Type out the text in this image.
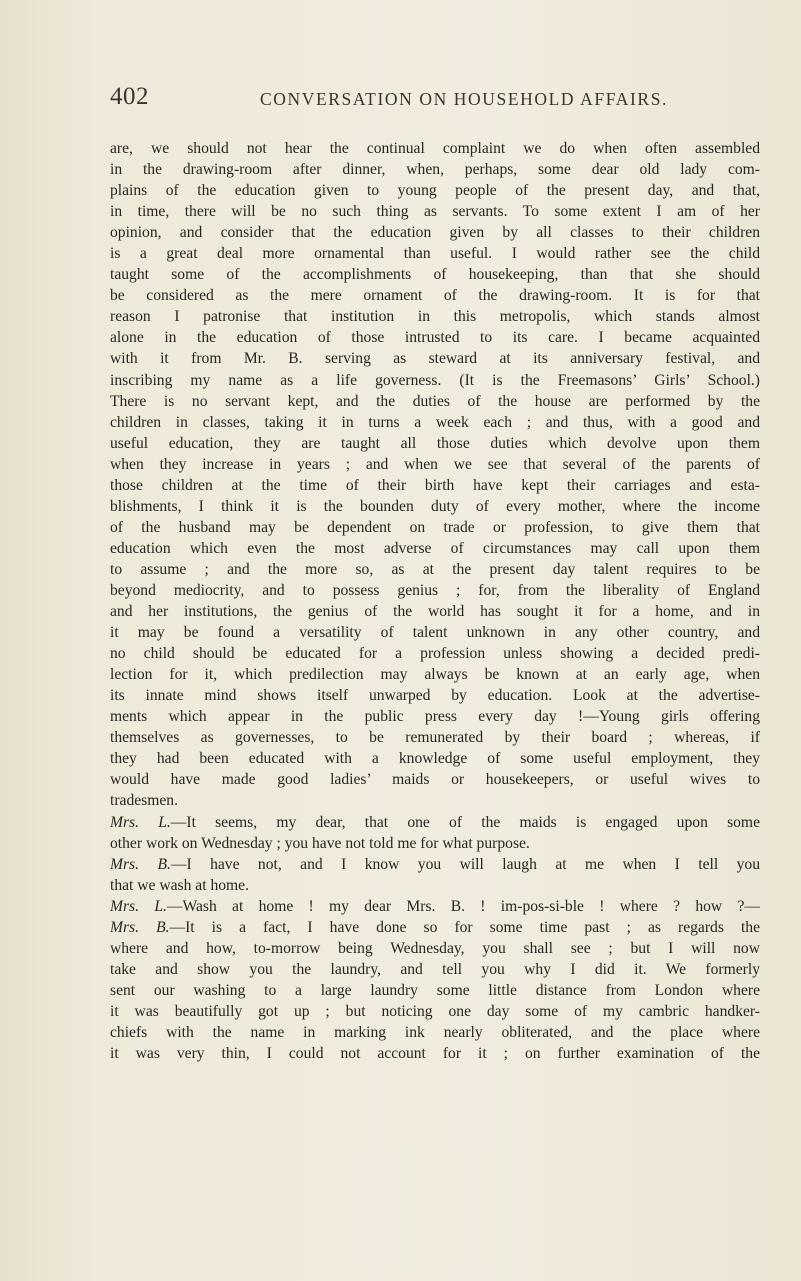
402	CONVERSATION ON HOUSEHOLD AFFAIRS.
are, we should not hear the continual complaint we do when often assembled
in the drawing-room after dinner, when, perhaps, some dear old lady com-
plains of the education given to young people of the present day, and that,
in time, there will be no such thing as servants. To some extent I am of her
opinion, and consider that the education given by all classes to their children
is a great deal more ornamental than useful. I would rather see the child
taught some of the accomplishments of housekeeping, than that she should
be considered as the mere ornament of the drawing-room. It is for that
reason I patronise that institution in this metropolis, which stands almost
alone in the education of those intrusted to its care. I became acquainted
with it from Mr. B. serving as steward at its anniversary festival, and
inscribing my name as a life governess. (It is the Freemasons’ Girls’ School.)
There is no servant kept, and the duties of the house are performed by the
children in classes, taking it in turns a week each ; and thus, with a good and
useful education, they are taught all those duties which devolve upon them
when they increase in years ; and when we see that several of the parents of
those children at the time of their birth have kept their carriages and esta-
blishments, I think it is the bounden duty of every mother, where the income
of the husband may be dependent on trade or profession, to give them that
education which even the most adverse of circumstances may call upon them
to assume ; and the more so, as at the present day talent requires to be
beyond mediocrity, and to possess genius ; for, from the liberality of England
and her institutions, the genius of the world has sought it for a home, and in
it may be found a versatility of talent unknown in any other country, and
no child should be educated for a profession unless showing a decided predi-
lection for it, which predilection may always be known at an early age, when
its innate mind shows itself unwarped by education. Look at the advertise-
ments which appear in the public press every day !—Young girls offering
themselves as governesses, to be remunerated by their board ; whereas, if
they had been educated with a knowledge of some useful employment, they
would have made good ladies’ maids or housekeepers, or useful wives to
tradesmen.
Mrs. L.—It seems, my dear, that one of the maids is engaged upon some
other work on Wednesday ; you have not told me for what purpose.
Mrs. B.—I have not, and I know you will laugh at me when I tell you
that we wash at home.
Mrs. L.—Wash at home ! my dear Mrs. B. ! im-pos-si-ble ! where ? how ?—
Mrs. B.—It is a fact, I have done so for some time past ; as regards the
where and how, to-morrow being Wednesday, you shall see ; but I will now
take and show you the laundry, and tell you why I did it. We formerly
sent our washing to a large laundry some little distance from London where
it was beautifully got up ; but noticing one day some of my cambric handker-
chiefs with the name in marking ink nearly obliterated, and the place where
it was very thin, I could not account for it ; on further examination of the
